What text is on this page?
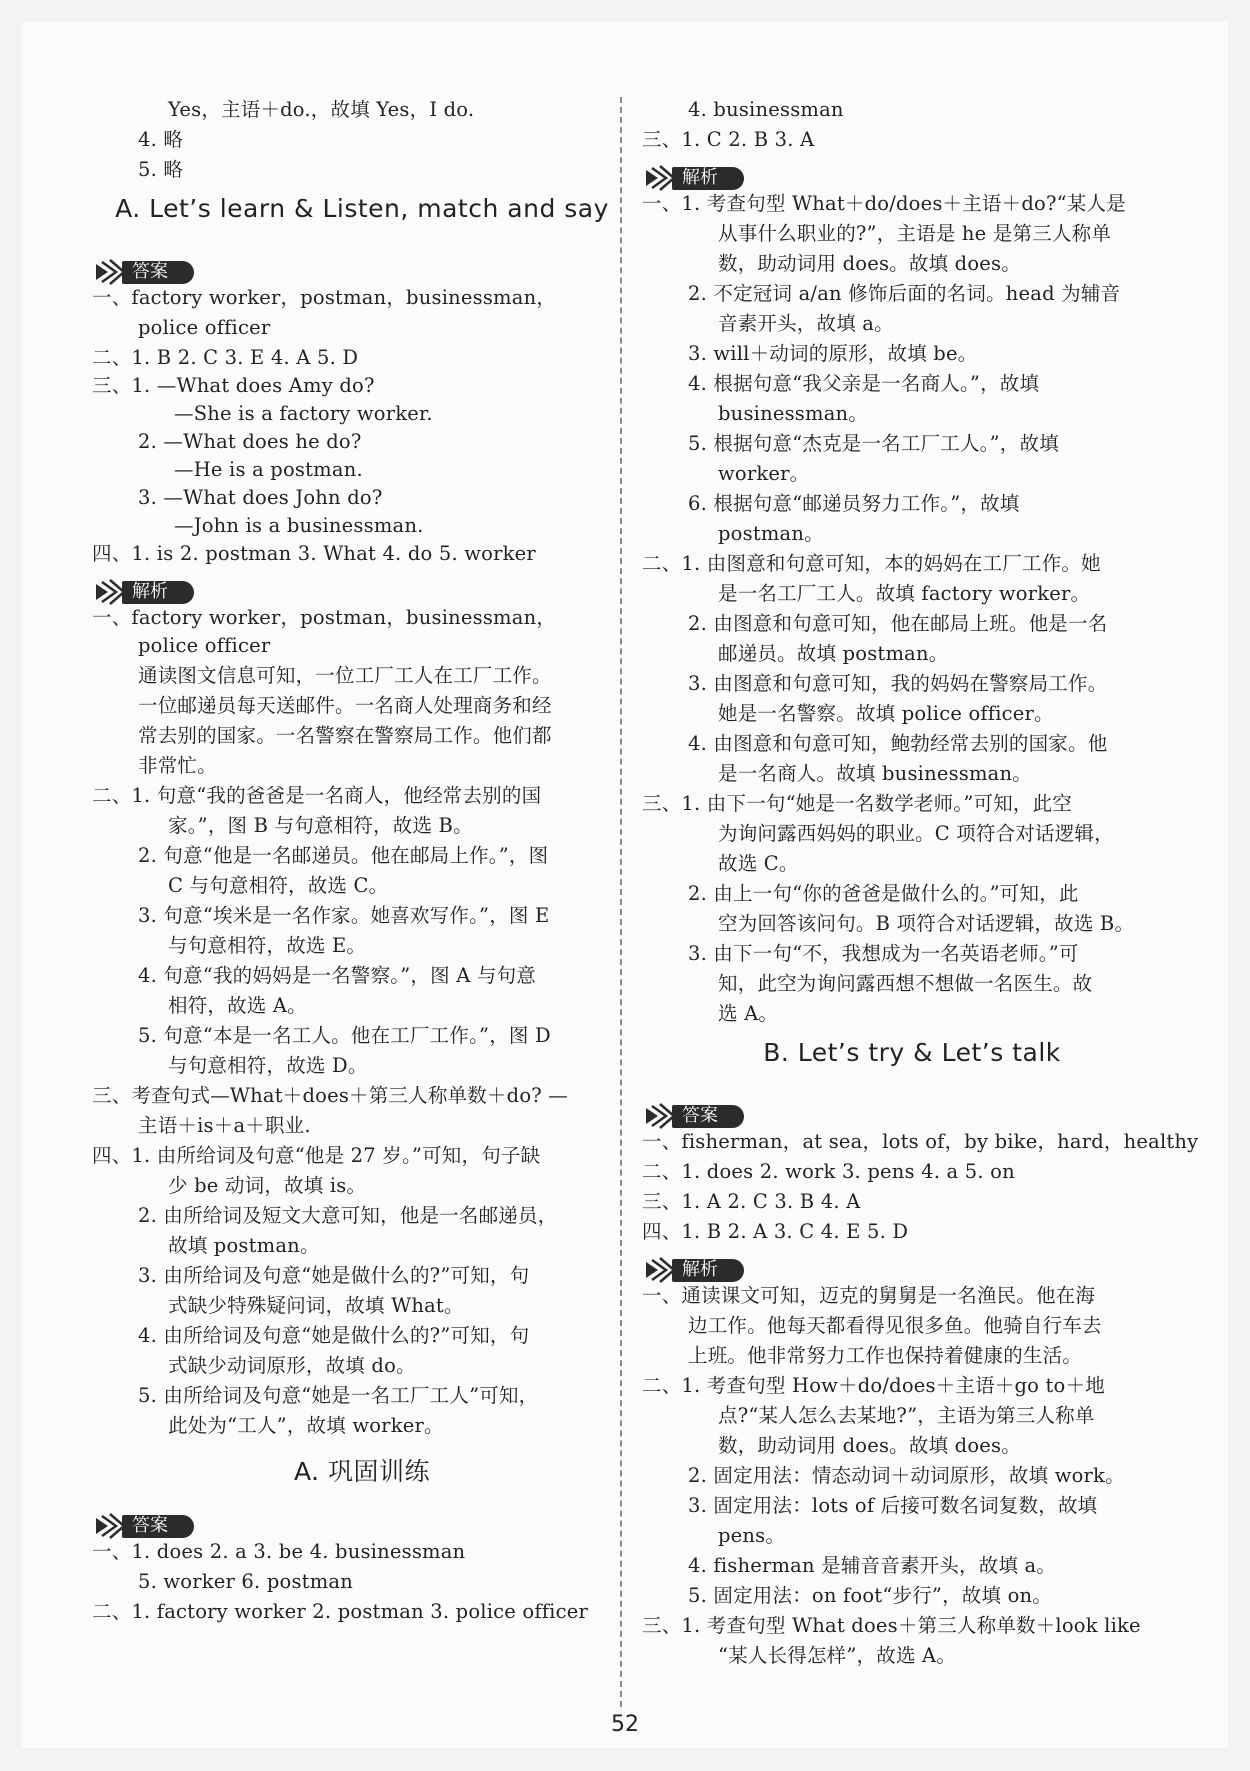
Yes，主语＋do.，故填 Yes，I do.
4. 略
5. 略
A. Let’s learn & Listen, match and say
答案
一、factory worker，postman，businessman，
police officer
二、1. B 2. C 3. E 4. A 5. D
三、1. —What does Amy do?
—She is a factory worker.
2. —What does he do?
—He is a postman.
3. —What does John do?
—John is a businessman.
四、1. is 2. postman 3. What 4. do 5. worker
解析
一、factory worker，postman，businessman，
police officer
通读图文信息可知，一位工厂工人在工厂工作。
一位邮递员每天送邮件。一名商人处理商务和经
常去别的国家。一名警察在警察局工作。他们都
非常忙。
二、1. 句意“我的爸爸是一名商人，他经常去别的国
家。”，图 B 与句意相符，故选 B。
2. 句意“他是一名邮递员。他在邮局上作。”，图
C 与句意相符，故选 C。
3. 句意“埃米是一名作家。她喜欢写作。”，图 E
与句意相符，故选 E。
4. 句意“我的妈妈是一名警察。”，图 A 与句意
相符，故选 A。
5. 句意“本是一名工人。他在工厂工作。”，图 D
与句意相符，故选 D。
三、考查句式—What＋does＋第三人称单数＋do? —
主语＋is＋a＋职业.
四、1. 由所给词及句意“他是 27 岁。”可知，句子缺
少 be 动词，故填 is。
2. 由所给词及短文大意可知，他是一名邮递员，
故填 postman。
3. 由所给词及句意“她是做什么的?”可知，句
式缺少特殊疑问词，故填 What。
4. 由所给词及句意“她是做什么的?”可知，句
式缺少动词原形，故填 do。
5. 由所给词及句意“她是一名工厂工人”可知，
此处为“工人”，故填 worker。
A. 巩固训练
答案
一、1. does 2. a 3. be 4. businessman
5. worker 6. postman
二、1. factory worker 2. postman 3. police officer
4. businessman
三、1. C 2. B 3. A
解析
一、1. 考查句型 What＋do/does＋主语＋do?“某人是
从事什么职业的?”，主语是 he 是第三人称单
数，助动词用 does。故填 does。
2. 不定冠词 a/an 修饰后面的名词。head 为辅音
音素开头，故填 a。
3. will＋动词的原形，故填 be。
4. 根据句意“我父亲是一名商人。”，故填
businessman。
5. 根据句意“杰克是一名工厂工人。”，故填
worker。
6. 根据句意“邮递员努力工作。”，故填
postman。
二、1. 由图意和句意可知，本的妈妈在工厂工作。她
是一名工厂工人。故填 factory worker。
2. 由图意和句意可知，他在邮局上班。他是一名
邮递员。故填 postman。
3. 由图意和句意可知，我的妈妈在警察局工作。
她是一名警察。故填 police officer。
4. 由图意和句意可知，鲍勃经常去别的国家。他
是一名商人。故填 businessman。
三、1. 由下一句“她是一名数学老师。”可知，此空
为询问露西妈妈的职业。C 项符合对话逻辑，
故选 C。
2. 由上一句“你的爸爸是做什么的。”可知，此
空为回答该问句。B 项符合对话逻辑，故选 B。
3. 由下一句“不，我想成为一名英语老师。”可
知，此空为询问露西想不想做一名医生。故
选 A。
B. Let’s try & Let’s talk
答案
一、fisherman，at sea，lots of，by bike，hard，healthy
二、1. does 2. work 3. pens 4. a 5. on
三、1. A 2. C 3. B 4. A
四、1. B 2. A 3. C 4. E 5. D
解析
一、通读课文可知，迈克的舅舅是一名渔民。他在海
边工作。他每天都看得见很多鱼。他骑自行车去
上班。他非常努力工作也保持着健康的生活。
二、1. 考查句型 How＋do/does＋主语＋go to＋地
点?“某人怎么去某地?”，主语为第三人称单
数，助动词用 does。故填 does。
2. 固定用法：情态动词＋动词原形，故填 work。
3. 固定用法：lots of 后接可数名词复数，故填
pens。
4. fisherman 是辅音音素开头，故填 a。
5. 固定用法：on foot“步行”，故填 on。
三、1. 考查句型 What does＋第三人称单数＋look like
“某人长得怎样”，故选 A。
52
